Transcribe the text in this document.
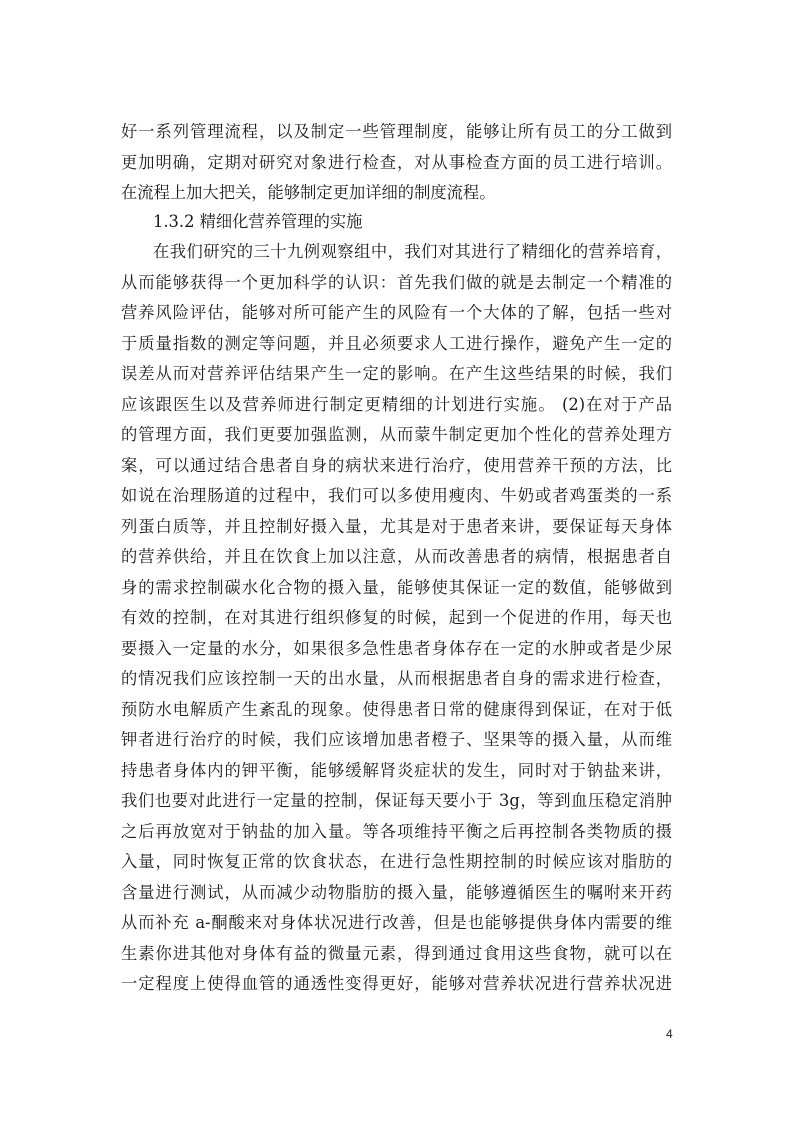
好一系列管理流程，以及制定一些管理制度，能够让所有员工的分工做到
更加明确，定期对研究对象进行检查，对从事检查方面的员工进行培训。
在流程上加大把关，能够制定更加详细的制度流程。
1.3.2 精细化营养管理的实施
在我们研究的三十九例观察组中，我们对其进行了精细化的营养培育，
从而能够获得一个更加科学的认识：首先我们做的就是去制定一个精准的
营养风险评估，能够对所可能产生的风险有一个大体的了解，包括一些对
于质量指数的测定等问题，并且必须要求人工进行操作，避免产生一定的
误差从而对营养评估结果产生一定的影响。在产生这些结果的时候，我们
应该跟医生以及营养师进行制定更精细的计划进行实施。 (2)在对于产品
的管理方面，我们更要加强监测，从而蒙牛制定更加个性化的营养处理方
案，可以通过结合患者自身的病状来进行治疗，使用营养干预的方法，比
如说在治理肠道的过程中，我们可以多使用瘦肉、牛奶或者鸡蛋类的一系
列蛋白质等，并且控制好摄入量，尤其是对于患者来讲，要保证每天身体
的营养供给，并且在饮食上加以注意，从而改善患者的病情，根据患者自
身的需求控制碳水化合物的摄入量，能够使其保证一定的数值，能够做到
有效的控制，在对其进行组织修复的时候，起到一个促进的作用，每天也
要摄入一定量的水分，如果很多急性患者身体存在一定的水肿或者是少尿
的情况我们应该控制一天的出水量，从而根据患者自身的需求进行检查，
预防水电解质产生紊乱的现象。使得患者日常的健康得到保证，在对于低
钾者进行治疗的时候，我们应该增加患者橙子、坚果等的摄入量，从而维
持患者身体内的钾平衡，能够缓解肾炎症状的发生，同时对于钠盐来讲，
我们也要对此进行一定量的控制，保证每天要小于 3g，等到血压稳定消肿
之后再放宽对于钠盐的加入量。等各项维持平衡之后再控制各类物质的摄
入量，同时恢复正常的饮食状态，在进行急性期控制的时候应该对脂肪的
含量进行测试，从而减少动物脂肪的摄入量，能够遵循医生的嘱咐来开药
从而补充 a-酮酸来对身体状况进行改善，但是也能够提供身体内需要的维
生素你进其他对身体有益的微量元素，得到通过食用这些食物，就可以在
一定程度上使得血管的通透性变得更好，能够对营养状况进行营养状况进
4
